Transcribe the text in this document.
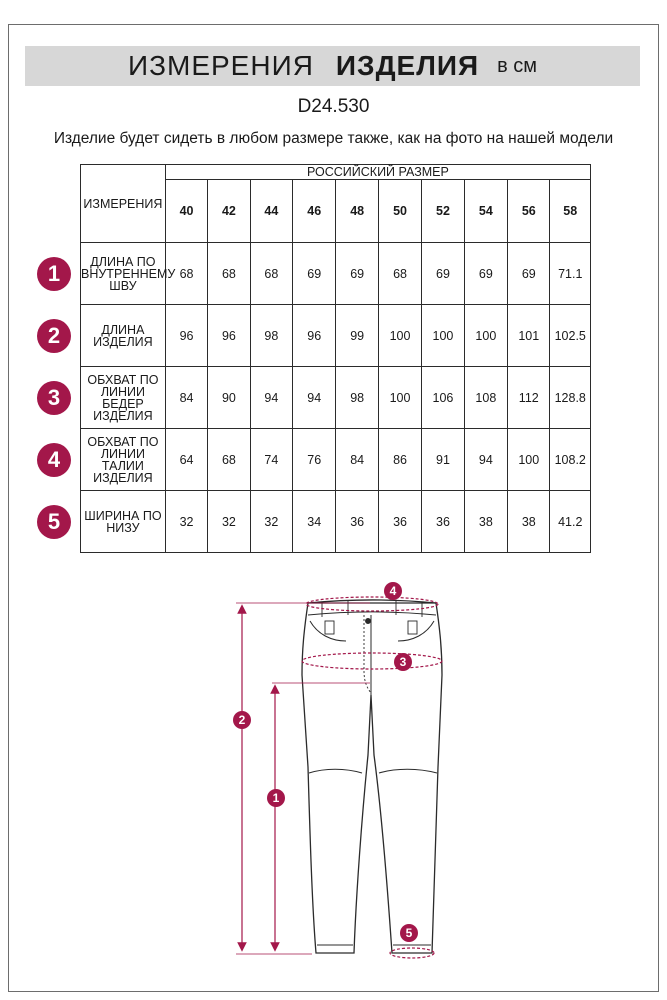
ИЗМЕРЕНИЯ ИЗДЕЛИЯ в см
D24.530
Изделие будет сидеть в любом размере также, как на фото на нашей модели
ИЗМЕРЕНИЯ	РОССИЙСКИЙ РАЗМЕР									
	40	42	44	46	48	50	52	54	56	58
ДЛИНА ПО ВНУТРЕННЕМУ ШВУ	68	68	68	69	69	68	69	69	69	71.1
ДЛИНА ИЗДЕЛИЯ	96	96	98	96	99	100	100	100	101	102.5
ОБХВАТ ПО ЛИНИИ БЕДЕР ИЗДЕЛИЯ	84	90	94	94	98	100	106	108	112	128.8
ОБХВАТ ПО ЛИНИИ ТАЛИИ ИЗДЕЛИЯ	64	68	74	76	84	86	91	94	100	108.2
ШИРИНА ПО НИЗУ	32	32	32	34	36	36	36	38	38	41.2
1
2
3
4
5
4
3
2
1
5
